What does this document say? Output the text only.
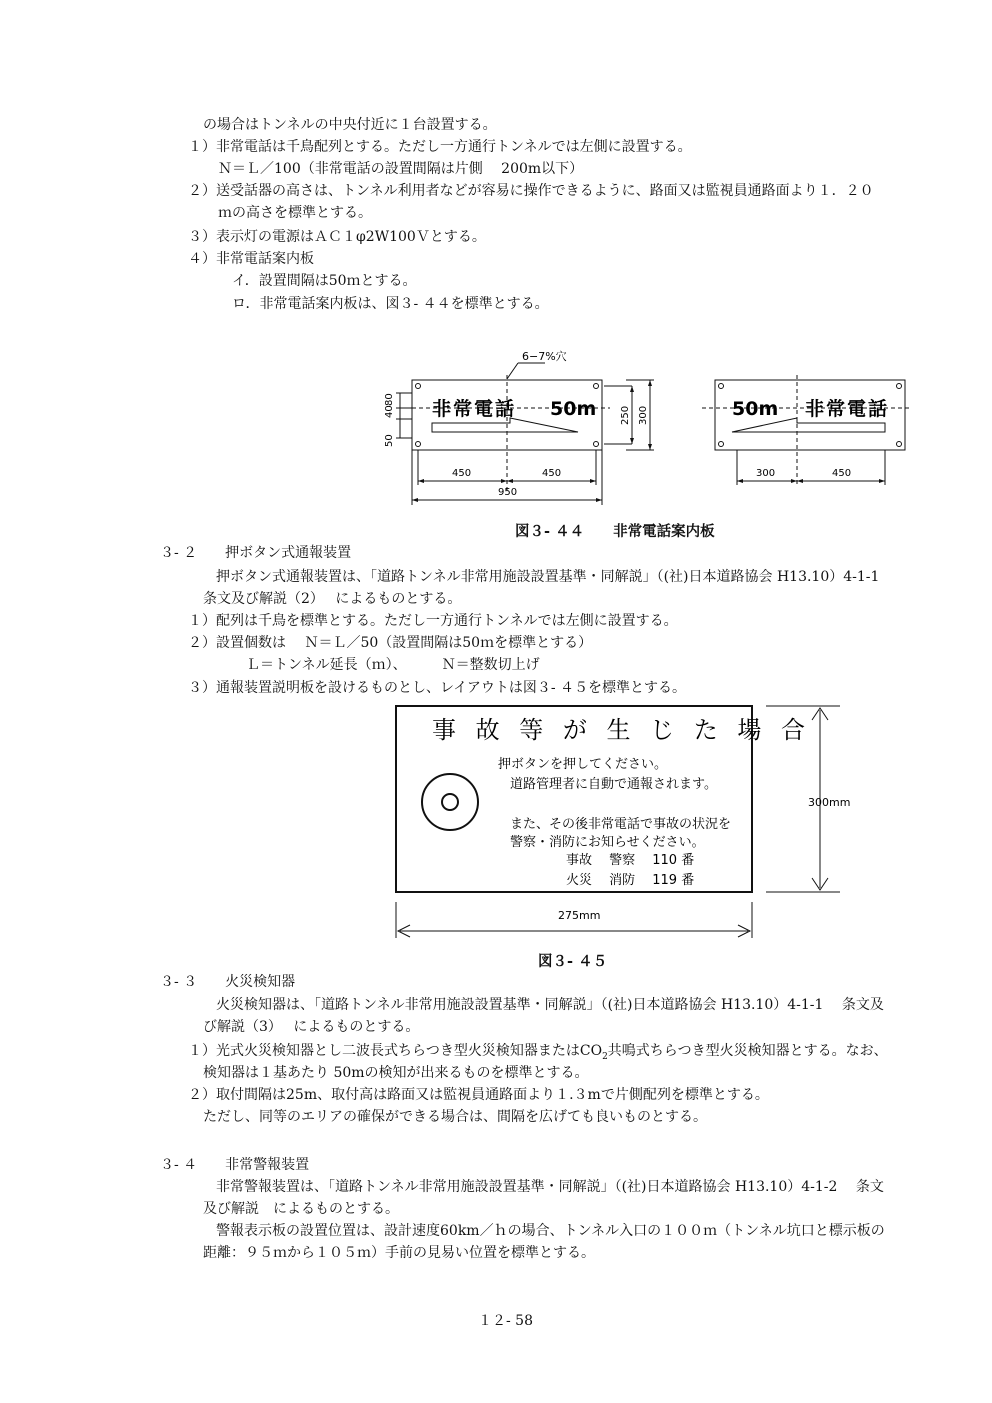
の場合はトンネルの中央付近に１台設置する。
１）非常電話は千鳥配列とする。ただし一方通行トンネルでは左側に設置する。
Ｎ＝Ｌ／100（非常電話の設置間隔は片側　 200m以下）
２）送受話器の高さは、トンネル利用者などが容易に操作できるように、路面又は監視員通路面より１．２０
ｍの高さを標準とする。
３）表示灯の電源はＡＣ１φ2W100Ｖとする。
４）非常電話案内板
イ．設置間隔は50ｍとする。
ロ．非常電話案内板は、図３‐ ４４を標準とする。
6−7%穴
非常電話 50m	50m 非常電話
80
40
50
250 300
450	450
950
300	450
図３‐ ４４　　非常電話案内板
３‐ ２　　押ボタン式通報装置
押ボタン式通報装置は、「道路トンネル非常用施設設置基準・同解説」（(社)日本道路協会 H13.10）4-1-1
条文及び解説（2）　 によるものとする。
１）配列は千鳥を標準とする。ただし一方通行トンネルでは左側に設置する。
２）設置個数は　 Ｎ＝Ｌ／50（設置間隔は50ｍを標準とする）
Ｌ＝トンネル延長（ｍ）、　　　Ｎ＝整数切上げ
３）通報装置説明板を設けるものとし、レイアウトは図３‐ ４５を標準とする。
事 故 等 が 生 じ た 場 合
押ボタンを押してください。
道路管理者に自動で通報されます。
また、その後非常電話で事故の状況を
警察・消防にお知らせください。
事故　 警察　 110 番
火災　 消防　 119 番
300mm
275mm
図３‐ ４５
３‐ ３　　火災検知器
火災検知器は、「道路トンネル非常用施設設置基準・同解説」（(社)日本道路協会 H13.10）4-1-1　 条文及
び解説（3）　 によるものとする。
１）光式火災検知器とし二波長式ちらつき型火災検知器または$CO_2$共鳴式ちらつき型火災検知器とする。なお、
検知器は１基あたり 50mの検知が出来るものを標準とする。
２）取付間隔は25m、取付高は路面又は監視員通路面より１.３mで片側配列を標準とする。
ただし、同等のエリアの確保ができる場合は、間隔を広げても良いものとする。
３‐ ４　　非常警報装置
非常警報装置は、「道路トンネル非常用施設設置基準・同解説」（(社)日本道路協会 H13.10）4-1-2　 条文
及び解説　によるものとする。
警報表示板の設置位置は、設計速度60km／ｈの場合、トンネル入口の１００ｍ（トンネル坑口と標示板の
距離：９５ｍから１０５ｍ）手前の見易い位置を標準とする。
１２‐ 58
